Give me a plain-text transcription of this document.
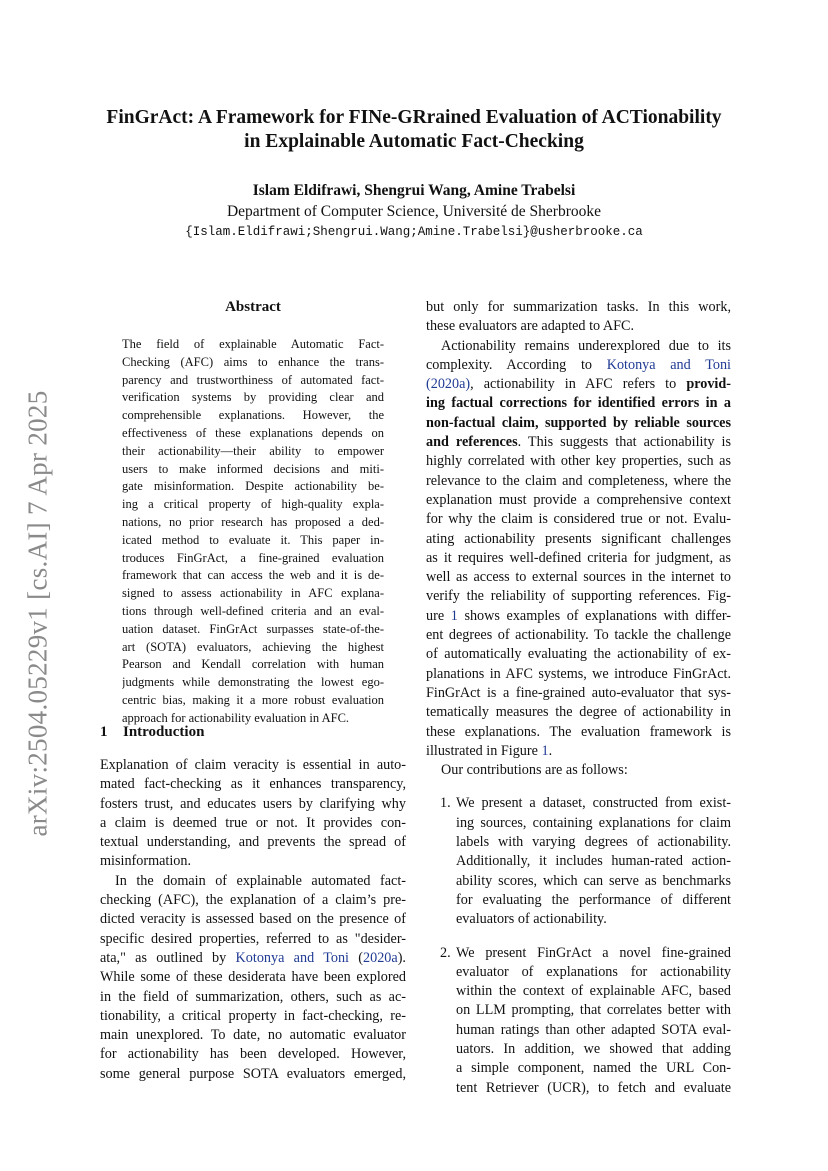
arXiv:2504.05229v1 [cs.AI] 7 Apr 2025
FinGrAct: A Framework for FINe-GRrained Evaluation of ACTionability
in Explainable Automatic Fact-Checking
Islam Eldifrawi, Shengrui Wang, Amine Trabelsi
Department of Computer Science, Université de Sherbrooke
{Islam.Eldifrawi;Shengrui.Wang;Amine.Trabelsi}@usherbrooke.ca
Abstract
The field of explainable Automatic Fact-
Checking (AFC) aims to enhance the trans-
parency and trustworthiness of automated fact-
verification systems by providing clear and
comprehensible explanations. However, the
effectiveness of these explanations depends on
their actionability—their ability to empower
users to make informed decisions and miti-
gate misinformation. Despite actionability be-
ing a critical property of high-quality expla-
nations, no prior research has proposed a ded-
icated method to evaluate it. This paper in-
troduces FinGrAct, a fine-grained evaluation
framework that can access the web and it is de-
signed to assess actionability in AFC explana-
tions through well-defined criteria and an eval-
uation dataset. FinGrAct surpasses state-of-the-
art (SOTA) evaluators, achieving the highest
Pearson and Kendall correlation with human
judgments while demonstrating the lowest ego-
centric bias, making it a more robust evaluation
approach for actionability evaluation in AFC.
1 Introduction
Explanation of claim veracity is essential in auto-
mated fact-checking as it enhances transparency,
fosters trust, and educates users by clarifying why
a claim is deemed true or not. It provides con-
textual understanding, and prevents the spread of
misinformation.
In the domain of explainable automated fact-
checking (AFC), the explanation of a claim’s pre-
dicted veracity is assessed based on the presence of
specific desired properties, referred to as "desider-
ata," as outlined by Kotonya and Toni (2020a).
While some of these desiderata have been explored
in the field of summarization, others, such as ac-
tionability, a critical property in fact-checking, re-
main unexplored. To date, no automatic evaluator
for actionability has been developed. However,
some general purpose SOTA evaluators emerged,
but only for summarization tasks. In this work,
these evaluators are adapted to AFC.
Actionability remains underexplored due to its
complexity. According to Kotonya and Toni
(2020a), actionability in AFC refers to provid-
ing factual corrections for identified errors in a
non-factual claim, supported by reliable sources
and references. This suggests that actionability is
highly correlated with other key properties, such as
relevance to the claim and completeness, where the
explanation must provide a comprehensive context
for why the claim is considered true or not. Evalu-
ating actionability presents significant challenges
as it requires well-defined criteria for judgment, as
well as access to external sources in the internet to
verify the reliability of supporting references. Fig-
ure 1 shows examples of explanations with differ-
ent degrees of actionability. To tackle the challenge
of automatically evaluating the actionability of ex-
planations in AFC systems, we introduce FinGrAct.
FinGrAct is a fine-grained auto-evaluator that sys-
tematically measures the degree of actionability in
these explanations. The evaluation framework is
illustrated in Figure 1.
Our contributions are as follows:
1. We present a dataset, constructed from exist-
ing sources, containing explanations for claim
labels with varying degrees of actionability.
Additionally, it includes human-rated action-
ability scores, which can serve as benchmarks
for evaluating the performance of different
evaluators of actionability.
2. We present FinGrAct a novel fine-grained
evaluator of explanations for actionability
within the context of explainable AFC, based
on LLM prompting, that correlates better with
human ratings than other adapted SOTA eval-
uators. In addition, we showed that adding
a simple component, named the URL Con-
tent Retriever (UCR), to fetch and evaluate
